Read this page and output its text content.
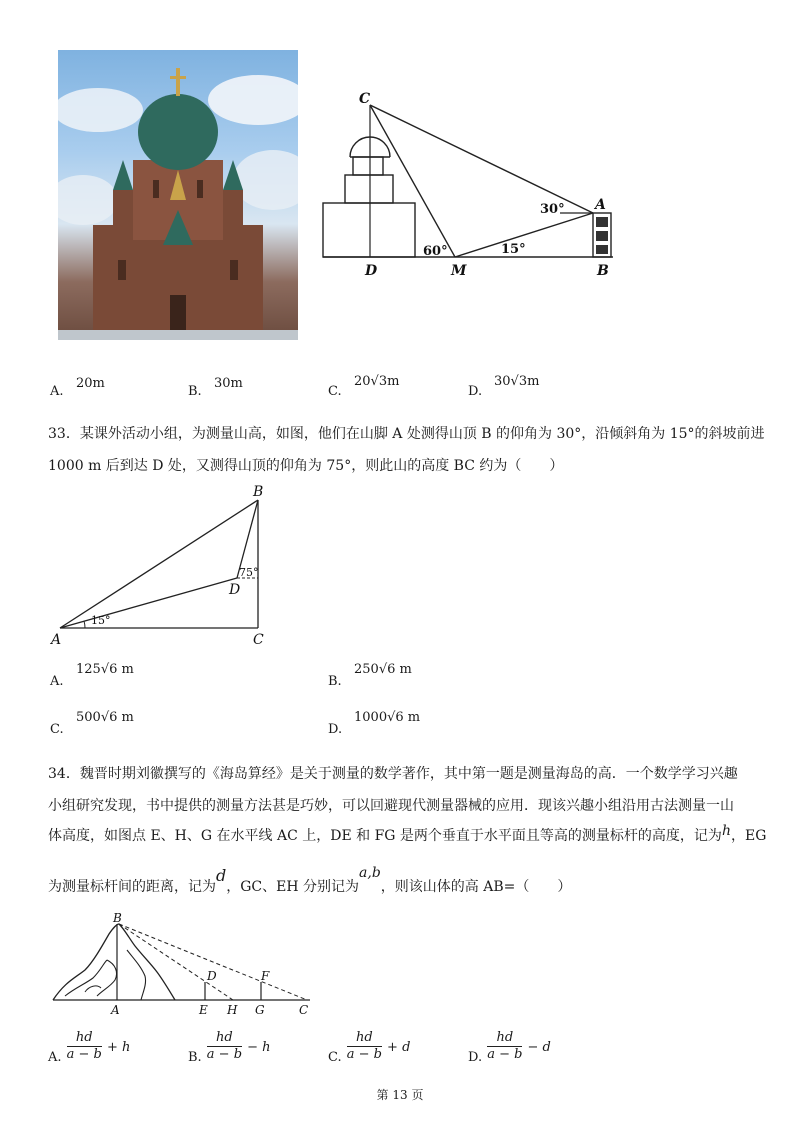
C
A
D	M	B
30°
60°	15°
A.
20m
B.
30m
C.
20√3m
D.
30√3m
33．某课外活动小组，为测量山高，如图，他们在山脚 A 处测得山顶 B 的仰角为 30°，沿倾斜角为 15°的斜坡前进
1000 m 后到达 D 处，又测得山顶的仰角为 75°，则此山的高度 BC 约为（　　）
B
D
A	C
75°
15°
A.
125√6 m
B.
250√6 m
C.
500√6 m
D.
1000√6 m
34．魏晋时期刘徽撰写的《海岛算经》是关于测量的数学著作，其中第一题是测量海岛的高．一个数学学习兴趣
小组研究发现，书中提供的测量方法甚是巧妙，可以回避现代测量器械的应用．现该兴趣小组沿用古法测量一山
体高度，如图点 E、H、G 在水平线 AC 上，DE 和 FG 是两个垂直于水平面且等高的测量标杆的高度，记为h，EG
为测量标杆间的距离，记为d，GC、EH 分别记为a,b，则该山体的高 AB=（　　）
B
D	F
A	E H G	C
$_{A.} \frac{hd}{a - b} + h$
$_{B.} \frac{hd}{a - b} - h$
$_{C.} \frac{hd}{a - b} + d$
$_{D.} \frac{hd}{a - b} - d$
第 13 页
